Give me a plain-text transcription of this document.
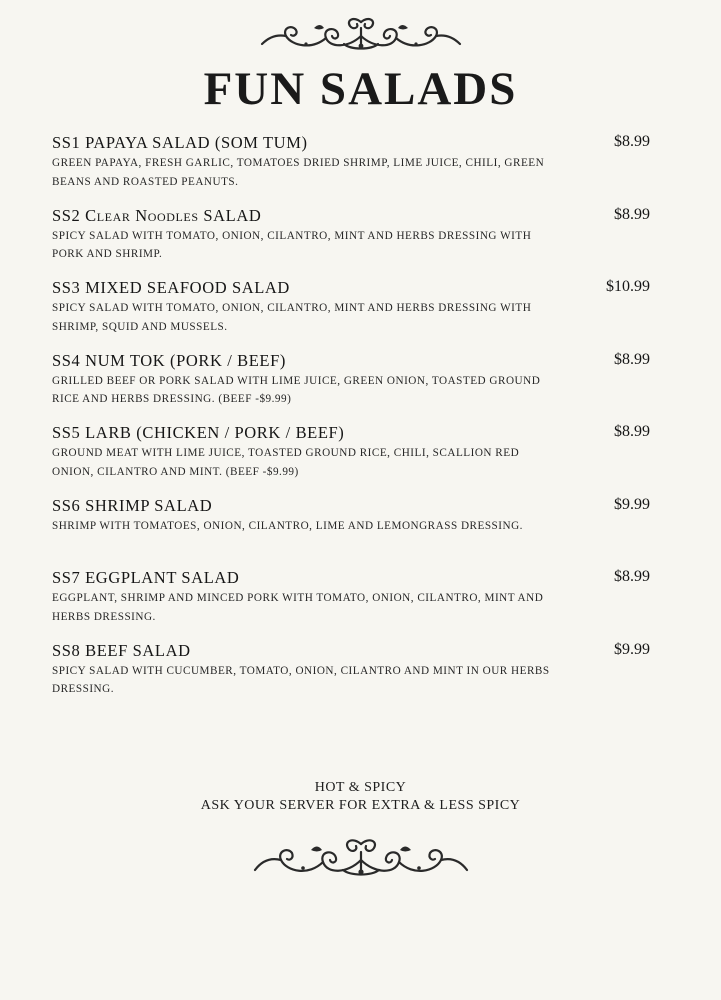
FUN SALADS
SS1 PAPAYA SALAD (SOM TUM)	$8.99
GREEN PAPAYA, FRESH GARLIC, TOMATOES DRIED SHRIMP, LIME JUICE, CHILI, GREEN BEANS AND ROASTED PEANUTS.
SS2 Clear Noodles SALAD	$8.99
SPICY SALAD WITH TOMATO, ONION, CILANTRO, MINT AND HERBS DRESSING WITH PORK AND SHRIMP.
SS3 MIXED SEAFOOD SALAD	$10.99
SPICY SALAD WITH TOMATO, ONION, CILANTRO, MINT AND HERBS DRESSING WITH SHRIMP, SQUID AND MUSSELS.
SS4 NUM TOK (PORK / BEEF)	$8.99
GRILLED BEEF OR PORK SALAD WITH LIME JUICE, GREEN ONION, TOASTED GROUND RICE AND HERBS DRESSING. (BEEF -$9.99)
SS5 LARB (CHICKEN / PORK / BEEF)	$8.99
GROUND MEAT WITH LIME JUICE, TOASTED GROUND RICE, CHILI, SCALLION RED ONION, CILANTRO AND MINT. (BEEF -$9.99)
SS6 SHRIMP SALAD	$9.99
SHRIMP WITH TOMATOES, ONION, CILANTRO, LIME AND LEMONGRASS DRESSING.
SS7 EGGPLANT SALAD	$8.99
EGGPLANT, SHRIMP AND MINCED PORK WITH TOMATO, ONION, CILANTRO, MINT AND HERBS DRESSING.
SS8 BEEF SALAD	$9.99
SPICY SALAD WITH CUCUMBER, TOMATO, ONION, CILANTRO AND MINT IN OUR HERBS DRESSING.
HOT & SPICY
ASK YOUR SERVER FOR EXTRA & LESS SPICY
